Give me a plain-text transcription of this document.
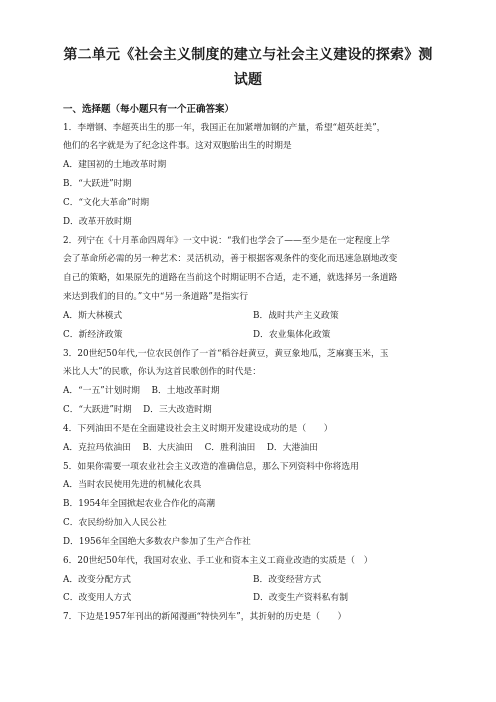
第二单元《社会主义制度的建立与社会主义建设的探索》测
试题
一、选择题（每小题只有一个正确答案）
1．李增钢、李超英出生的那一年，我国正在加紧增加钢的产量，希望“超英赶美”，
他们的名字就是为了纪念这件事。这对双胞胎出生的时期是
A．建国初的土地改革时期
B．“大跃进”时期
C．“文化大革命”时期
D．改革开放时期
2．列宁在《十月革命四周年》一文中说：“我们也学会了——至少是在一定程度上学
会了革命所必需的另一种艺术：灵活机动，善于根据客观条件的变化而迅速急剧地改变
自己的策略，如果原先的道路在当前这个时期证明不合适，走不通，就选择另一条道路
来达到我们的目的。”文中“另一条道路”是指实行
A．斯大林模式	B．战时共产主义政策
C．新经济政策	D．农业集体化政策
3．20世纪50年代,一位农民创作了一首“稻谷赶黄豆，黄豆象地瓜，芝麻赛玉米，玉
米比人大”的民歌，你认为这首民歌创作的时代是：
A．“一五”计划时期　 B．土地改革时期
C．“大跃进”时期　 D．三大改造时期
4．下列油田不是在全面建设社会主义时期开发建设成功的是（　　）
A．克拉玛依油田　 B．大庆油田　 C．胜利油田　 D．大港油田
5．如果你需要一项农业社会主义改造的准确信息，那么下列资料中你将选用
A．当时农民使用先进的机械化农具
B．1954年全国掀起农业合作化的高潮
C．农民纷纷加入人民公社
D．1956年全国绝大多数农户参加了生产合作社
6．20世纪50年代，我国对农业、手工业和资本主义工商业改造的实质是（　）
A．改变分配方式	B．改变经营方式
C．改变用人方式	D．改变生产资料私有制
7．下边是1957年刊出的新闻漫画“特快列车”，其折射的历史是（　　）
